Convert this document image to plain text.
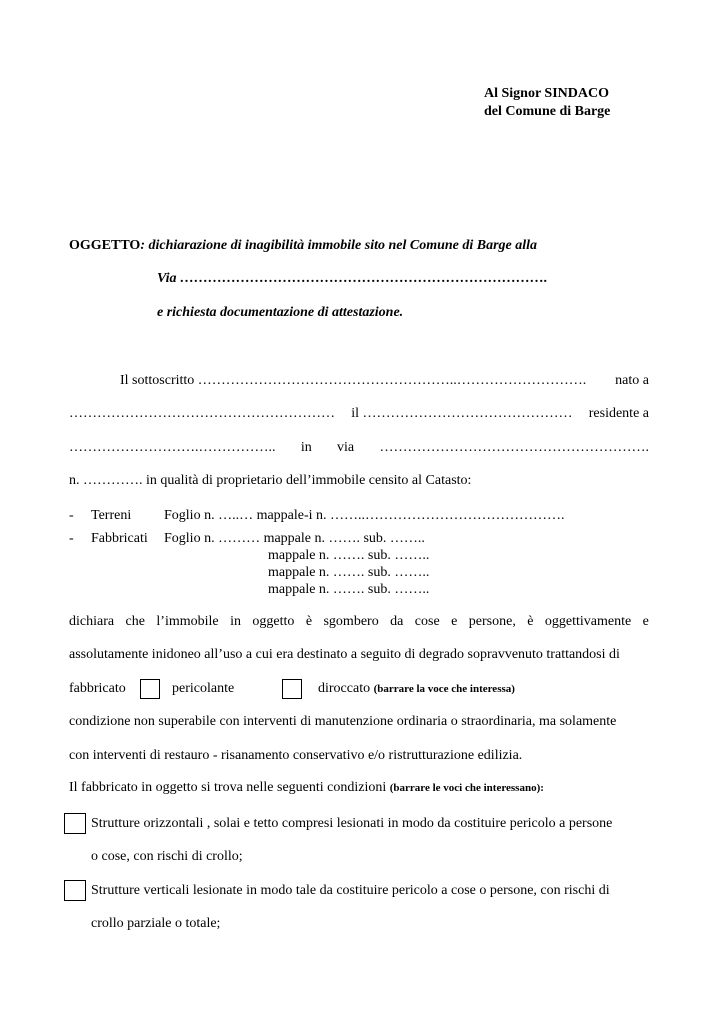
Al Signor SINDACO
del Comune di Barge
OGGETTO: dichiarazione di inagibilità immobile sito nel Comune di Barge alla
Via …………………………………………………………………….
e richiesta documentazione di attestazione.
Il sottoscritto ………………………………………………..………………………. nato a
………………………………………………… il ……………………………………… residente a
……………………….…………….. in via ………………………………………………….
n. …………. in qualità di proprietario dell’immobile censito al Catasto:
- Terreni Foglio n. …..… mappale-i n. ……..…………………………………….
- Fabbricati Foglio n. ……… mappale n. ……. sub. ……..
mappale n. ……. sub. ……..
mappale n. ……. sub. ……..
mappale n. ……. sub. ……..
dichiara che l’immobile in oggetto è sgombero da cose e persone, è oggettivamente e
assolutamente inidoneo all’uso a cui era destinato a seguito di degrado sopravvenuto trattandosi di
fabbricato	pericolante	diroccato (barrare la voce che interessa)
condizione non superabile con interventi di manutenzione ordinaria o straordinaria, ma solamente
con interventi di restauro - risanamento conservativo e/o ristrutturazione edilizia.
Il fabbricato in oggetto si trova nelle seguenti condizioni (barrare le voci che interessano):
Strutture orizzontali , solai e tetto compresi lesionati in modo da costituire pericolo a persone
o cose, con rischi di crollo;
Strutture verticali lesionate in modo tale da costituire pericolo a cose o persone, con rischi di
crollo parziale o totale;
